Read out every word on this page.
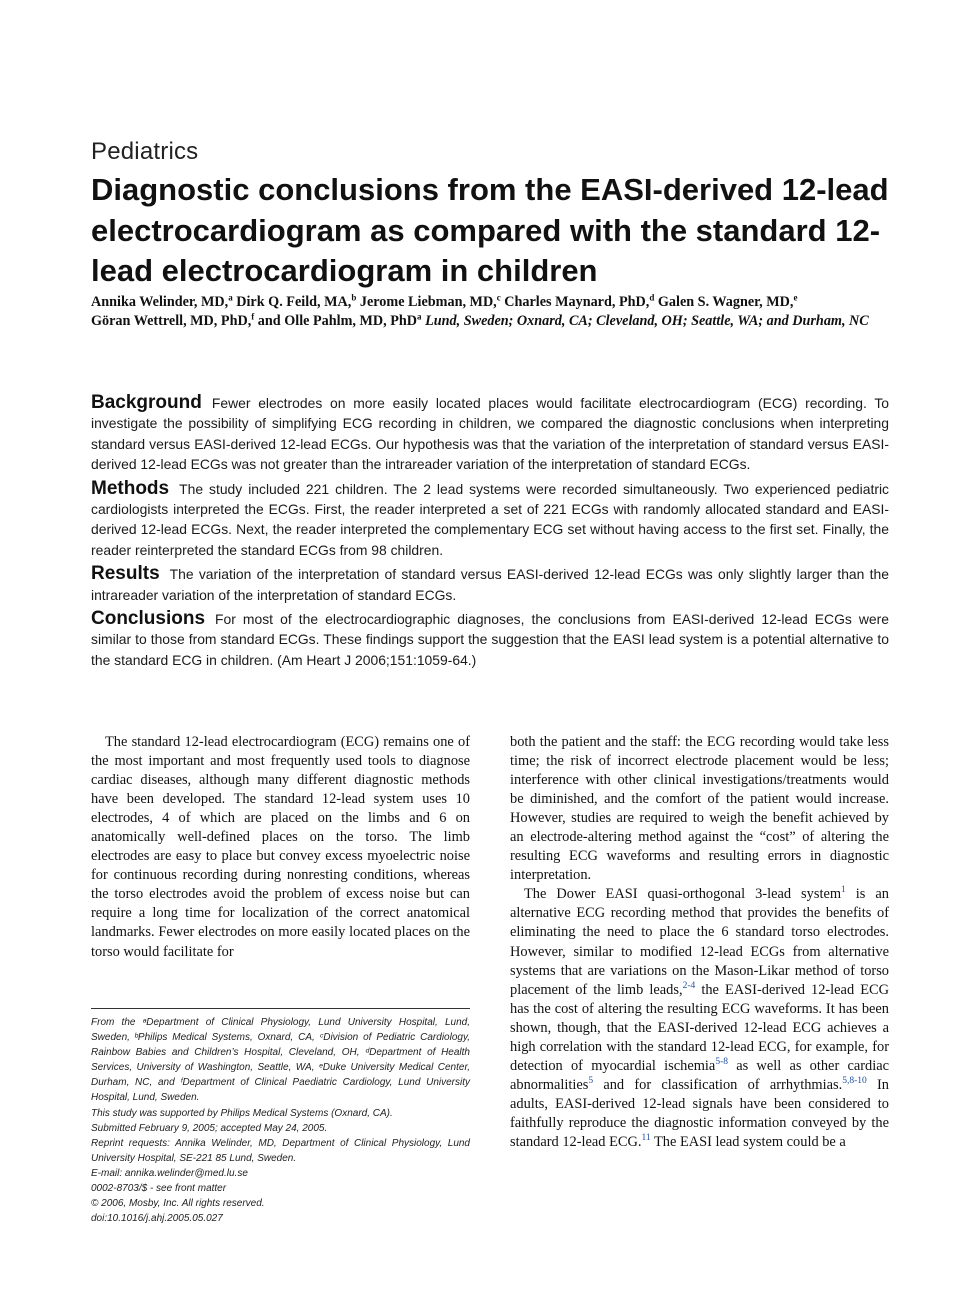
Pediatrics
Diagnostic conclusions from the EASI-derived 12-lead electrocardiogram as compared with the standard 12-lead electrocardiogram in children
Annika Welinder, MD,$^a$ Dirk Q. Feild, MA,$^b$ Jerome Liebman, MD,$^c$ Charles Maynard, PhD,$^d$ Galen S. Wagner, MD,$^e$
Göran Wettrell, MD, PhD,$^f$ and Olle Pahlm, MD, PhD$^a$ Lund, Sweden; Oxnard, CA; Cleveland, OH; Seattle, WA; and Durham, NC

Background Fewer electrodes on more easily located places would facilitate electrocardiogram (ECG) recording. To investigate the possibility of simplifying ECG recording in children, we compared the diagnostic conclusions when interpreting standard versus EASI-derived 12-lead ECGs. Our hypothesis was that the variation of the interpretation of standard versus EASI-derived 12-lead ECGs was not greater than the intrareader variation of the interpretation of standard ECGs.

Methods The study included 221 children. The 2 lead systems were recorded simultaneously. Two experienced pediatric cardiologists interpreted the ECGs. First, the reader interpreted a set of 221 ECGs with randomly allocated standard and EASI-derived 12-lead ECGs. Next, the reader interpreted the complementary ECG set without having access to the first set. Finally, the reader reinterpreted the standard ECGs from 98 children.

Results The variation of the interpretation of standard versus EASI-derived 12-lead ECGs was only slightly larger than the intrareader variation of the interpretation of standard ECGs.

Conclusions For most of the electrocardiographic diagnoses, the conclusions from EASI-derived 12-lead ECGs were similar to those from standard ECGs. These findings support the suggestion that the EASI lead system is a potential alternative to the standard ECG in children. (Am Heart J 2006;151:1059-64.)

The standard 12-lead electrocardiogram (ECG) remains one of the most important and most frequently used tools to diagnose cardiac diseases, although many different diagnostic methods have been developed. The standard 12-lead system uses 10 electrodes, 4 of which are placed on the limbs and 6 on anatomically well-defined places on the torso. The limb electrodes are easy to place but convey excess myoelectric noise for continuous recording during nonresting conditions, whereas the torso electrodes avoid the problem of excess noise but can require a long time for localization of the correct anatomical landmarks. Fewer electrodes on more easily located places on the torso would facilitate for

From the ᵃDepartment of Clinical Physiology, Lund University Hospital, Lund, Sweden, ᵇPhilips Medical Systems, Oxnard, CA, ᶜDivision of Pediatric Cardiology, Rainbow Babies and Children’s Hospital, Cleveland, OH, ᵈDepartment of Health Services, University of Washington, Seattle, WA, ᵉDuke University Medical Center, Durham, NC, and ᶠDepartment of Clinical Paediatric Cardiology, Lund University Hospital, Lund, Sweden.

This study was supported by Philips Medical Systems (Oxnard, CA).

Submitted February 9, 2005; accepted May 24, 2005.

Reprint requests: Annika Welinder, MD, Department of Clinical Physiology, Lund University Hospital, SE-221 85 Lund, Sweden.

E-mail: annika.welinder@med.lu.se

0002-8703/$ - see front matter

© 2006, Mosby, Inc. All rights reserved.

doi:10.1016/j.ahj.2005.05.027

both the patient and the staff: the ECG recording would take less time; the risk of incorrect electrode placement would be less; interference with other clinical investigations/treatments would be diminished, and the comfort of the patient would increase. However, studies are required to weigh the benefit achieved by an electrode-altering method against the “cost” of altering the resulting ECG waveforms and resulting errors in diagnostic interpretation.

The Dower EASI quasi-orthogonal 3-lead system$^1$ is an alternative ECG recording method that provides the benefits of eliminating the need to place the 6 standard torso electrodes. However, similar to modified 12-lead ECGs from alternative systems that are variations on the Mason-Likar method of torso placement of the limb leads,$^{2-4}$ the EASI-derived 12-lead ECG has the cost of altering the resulting ECG waveforms. It has been shown, though, that the EASI-derived 12-lead ECG achieves a high correlation with the standard 12-lead ECG, for example, for detection of myocardial ischemia$^{5-8}$ as well as other cardiac abnormalities$^5$ and for classification of arrhythmias.$^{5,8-10}$ In adults, EASI-derived 12-lead signals have been considered to faithfully reproduce the diagnostic information conveyed by the standard 12-lead ECG.$^{11}$ The EASI lead system could be a
